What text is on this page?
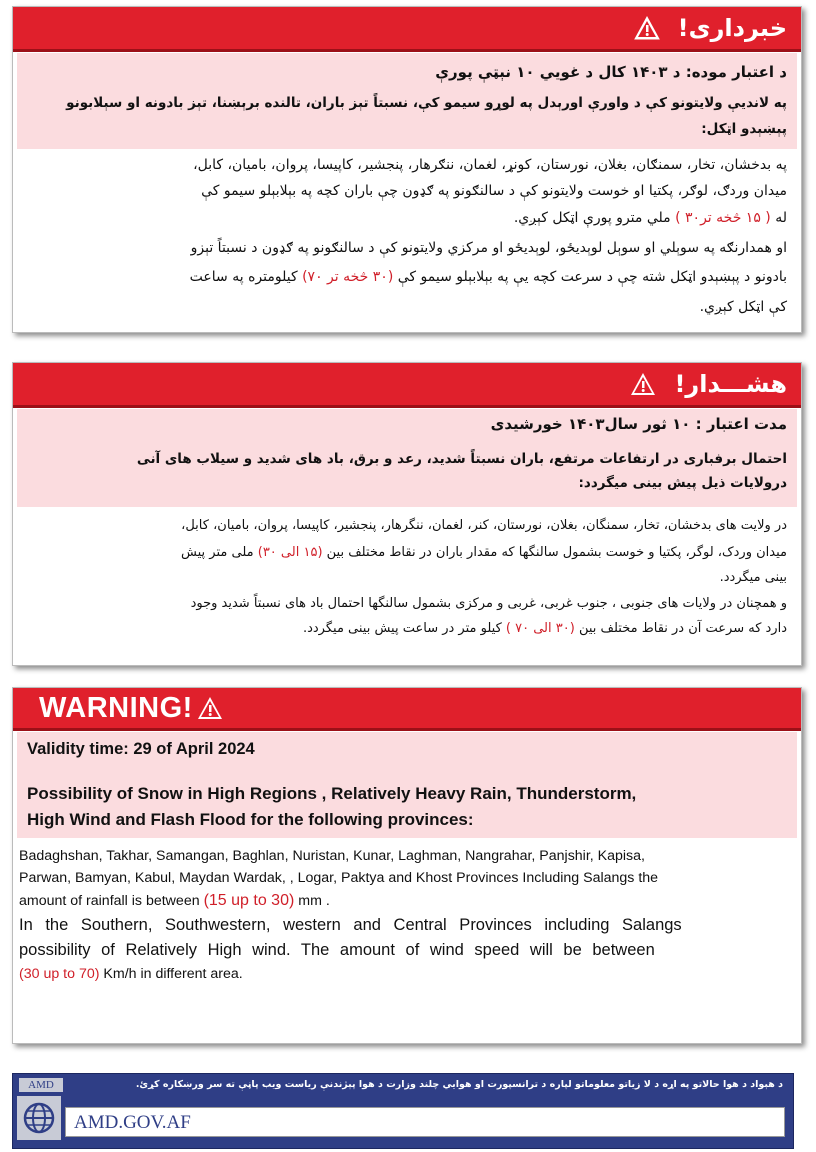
خبرداری!
د اعتبار موده: د ۱۴۰۳ کال د غويي ۱۰ نېټې پورې
په لانديې ولايتونو کې د واورې اورېدل په لوړو سيمو کې، نسبتاً تېز باران، تالنده برېښنا، تېز بادونه او سېلابونو
پېښېدو اټکل:
په بدخشان، تخار، سمنګان، بغلان، نورستان، کونړ، لغمان، ننګرهار، پنجشیر، کاپیسا، پروان، بامیان، کابل،
میدان وردګ، لوګر، پکتیا او خوست ولایتونو کې د سالنګونو په ګډون چې باران کچه په بېلابېلو سیمو کې
له ( ۱۵ څخه تر۳۰ ) ملي مترو پورې اټکل کېږي.
او همدارنګه په سوېلي او سوېل لوېديځو، لوېدیځو او مرکزي ولايتونو کې د سالنګونو په ګډون د نسبتاً تېزو
بادونو د پېښېدو اټکل شته چې د سرعت کچه يې په بېلابېلو سيمو کې (۳۰ څخه تر ۷۰) کيلومتره په ساعت
کې اټکل کېږي.
هشـــدار!
مدت اعتبار : ۱۰ ثور سال۱۴۰۳ خورشیدی
احتمال برفباری در ارتفاعات مرتفع، باران نسبتاً شدید، رعد و برق، باد های شدید و سیلاب های آنی
درولایات ذیل پیش بینی میگردد:
در ولایت های بدخشان، تخار، سمنگان، بغلان، نورستان، کنر، لغمان، ننگرهار، پنجشیر، کاپیسا، پروان، بامیان، کابل،
میدان وردک، لوگر، پکتیا و خوست بشمول سالنگها که مقدار باران در نقاط مختلف بین (۱۵ الی ۳۰) ملی متر پیش
بینی میگردد.
و همچنان در ولایات های جنوبی ، جنوب غربی، غربی و مرکزی بشمول سالنگها احتمال باد های نسبتاً شدید وجود
دارد که سرعت آن در نقاط مختلف بین (۳۰ الی ۷۰ ) کیلو متر در ساعت پیش بینی میگردد.
WARNING!
Validity time: 29 of April 2024
Possibility of Snow in High Regions , Relatively Heavy Rain, Thunderstorm,
High Wind and Flash Flood for the following provinces:
Badaghshan, Takhar, Samangan, Baghlan, Nuristan, Kunar, Laghman, Nangrahar, Panjshir, Kapisa,
Parwan, Bamyan, Kabul, Maydan Wardak, , Logar, Paktya and Khost Provinces Including Salangs the
amount of rainfall is between (15 up to 30) mm .
In the Southern, Southwestern, western and Central Provinces including Salangs
possibility of Relatively High wind. The amount of wind speed will be between
(30 up to 70) Km/h in different area.
AMD	د هېواد د هوا حالاتو په اړه د لا زياتو معلوماتو لپاره د ترانسپورت او هوايي چلند وزارت د هوا پېژندنې رياست ويب پاڼې ته سر ورښکاره کړئ.
AMD.GOV.AF
